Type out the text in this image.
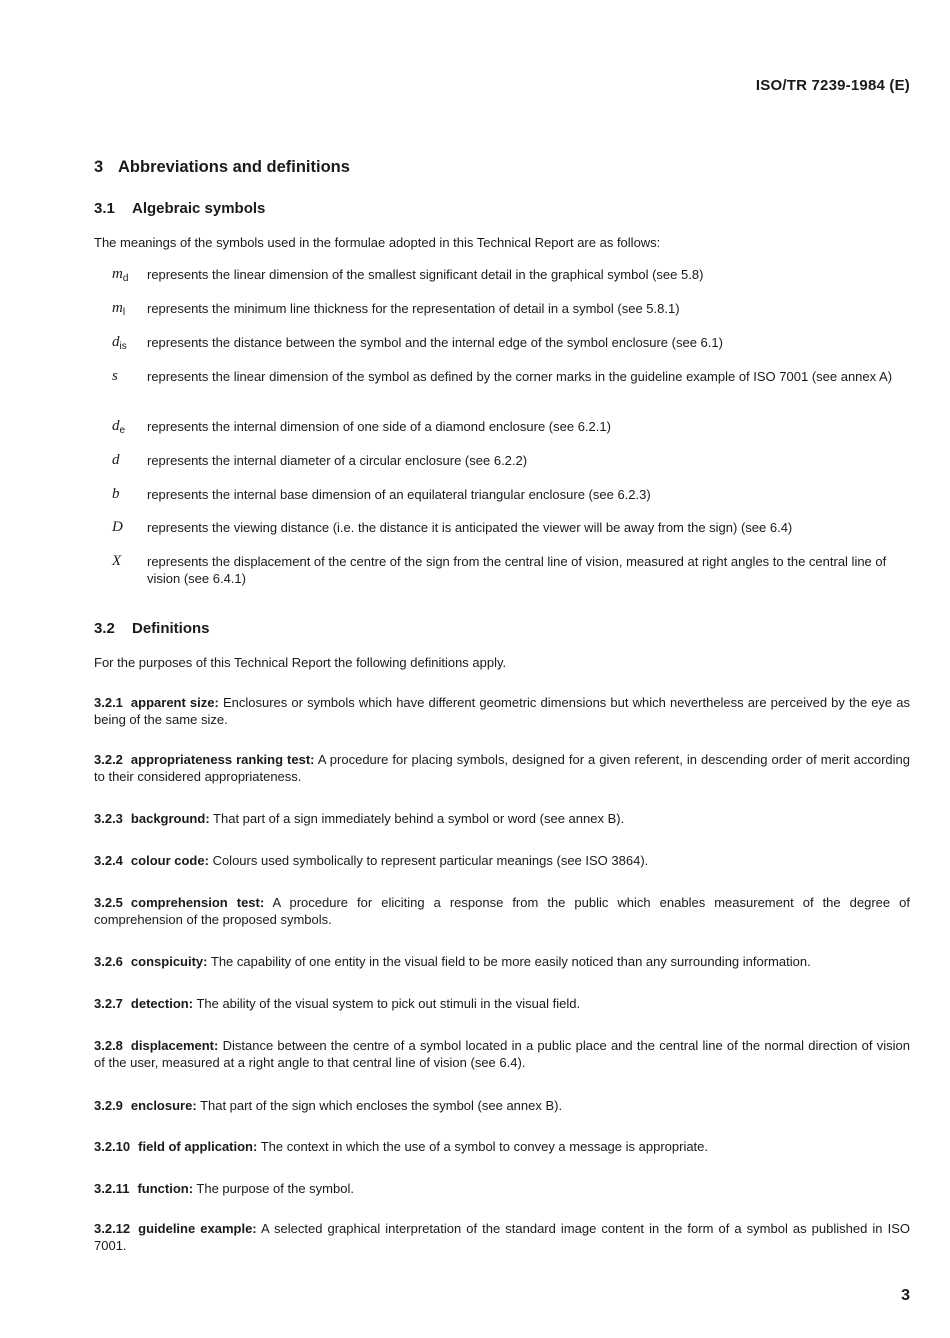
ISO/TR 7239-1984 (E)
3 Abbreviations and definitions
3.1 Algebraic symbols
The meanings of the symbols used in the formulae adopted in this Technical Report are as follows:
$m_d$	represents the linear dimension of the smallest significant detail in the graphical symbol (see 5.8)
$m_l$	represents the minimum line thickness for the representation of detail in a symbol (see 5.8.1)
$d_{is}$	represents the distance between the symbol and the internal edge of the symbol enclosure (see 6.1)
s	represents the linear dimension of the symbol as defined by the corner marks in the guideline example of ISO 7001 (see annex A)
$d_e$	represents the internal dimension of one side of a diamond enclosure (see 6.2.1)
d	represents the internal diameter of a circular enclosure (see 6.2.2)
b	represents the internal base dimension of an equilateral triangular enclosure (see 6.2.3)
D	represents the viewing distance (i.e. the distance it is anticipated the viewer will be away from the sign) (see 6.4)
X	represents the displacement of the centre of the sign from the central line of vision, measured at right angles to the central line of vision (see 6.4.1)
3.2 Definitions
For the purposes of this Technical Report the following definitions apply.
3.2.1 apparent size: Enclosures or symbols which have different geometric dimensions but which nevertheless are perceived by the eye as being of the same size.
3.2.2 appropriateness ranking test: A procedure for placing symbols, designed for a given referent, in descending order of merit according to their considered appropriateness.
3.2.3 background: That part of a sign immediately behind a symbol or word (see annex B).
3.2.4 colour code: Colours used symbolically to represent particular meanings (see ISO 3864).
3.2.5 comprehension test: A procedure for eliciting a response from the public which enables measurement of the degree of comprehension of the proposed symbols.
3.2.6 conspicuity: The capability of one entity in the visual field to be more easily noticed than any surrounding information.
3.2.7 detection: The ability of the visual system to pick out stimuli in the visual field.
3.2.8 displacement: Distance between the centre of a symbol located in a public place and the central line of the normal direction of vision of the user, measured at a right angle to that central line of vision (see 6.4).
3.2.9 enclosure: That part of the sign which encloses the symbol (see annex B).
3.2.10 field of application: The context in which the use of a symbol to convey a message is appropriate.
3.2.11 function: The purpose of the symbol.
3.2.12 guideline example: A selected graphical interpretation of the standard image content in the form of a symbol as published in ISO 7001.
3
